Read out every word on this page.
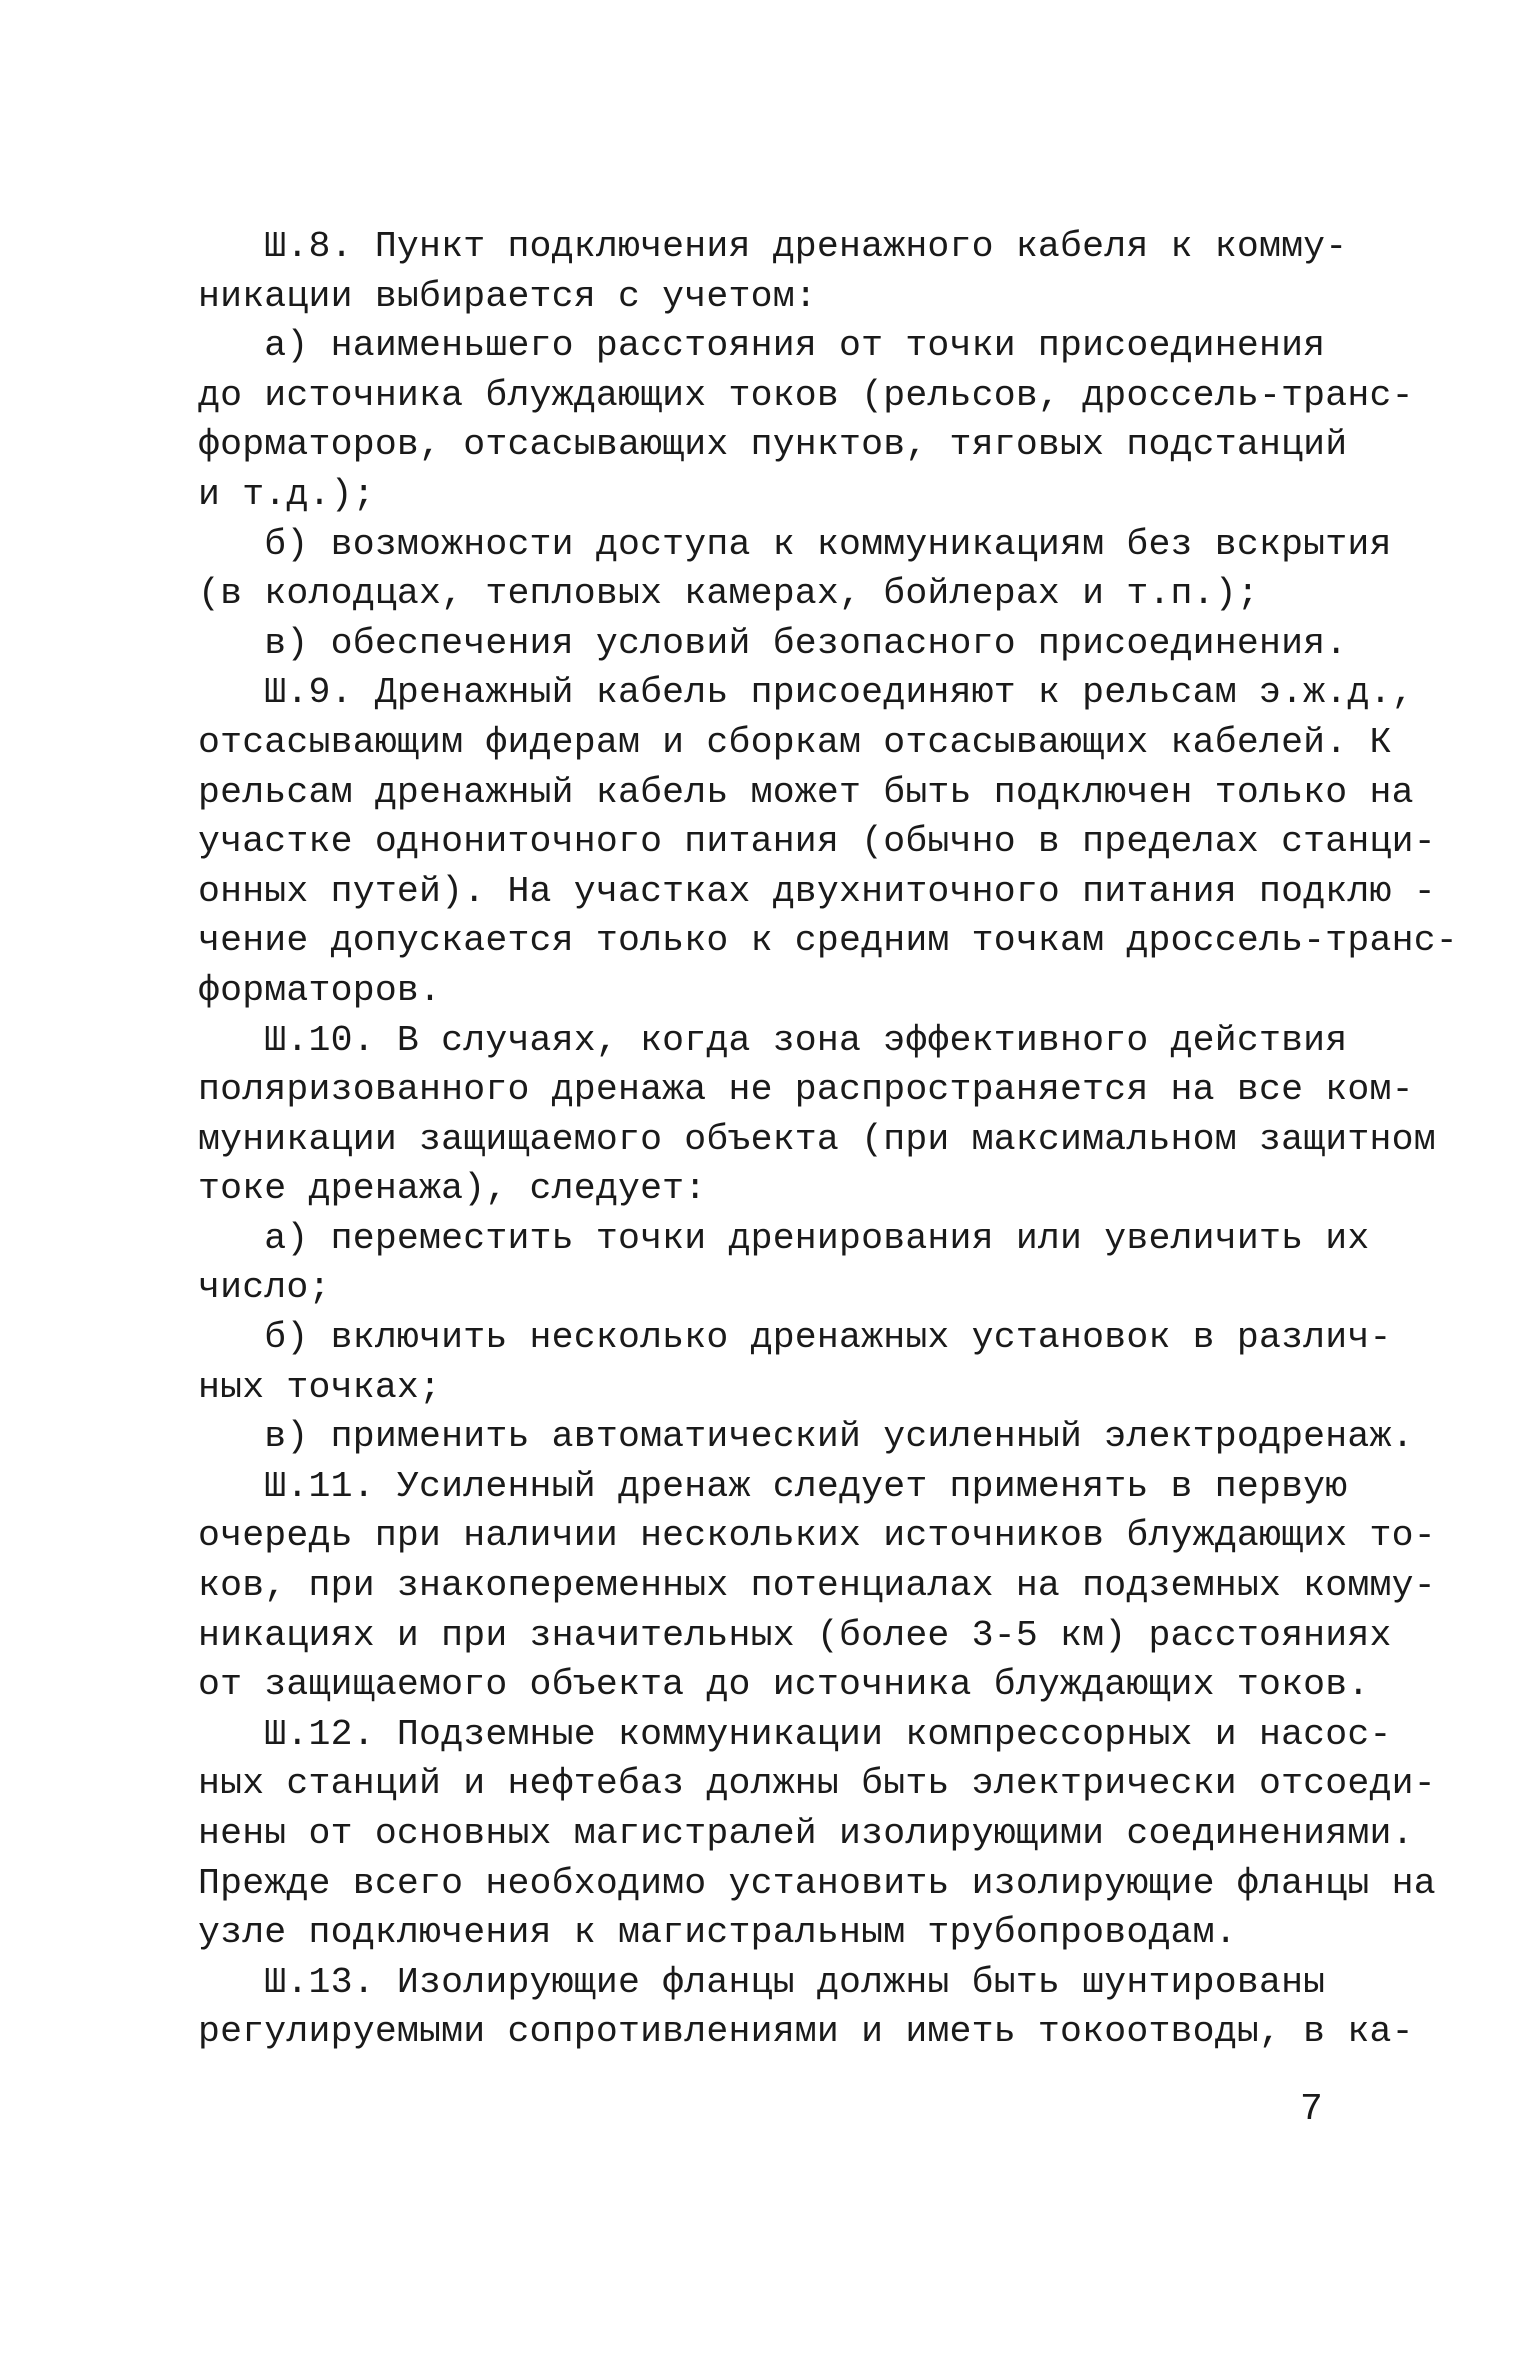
Ш.8. Пункт подключения дренажного кабеля к комму-
никации выбирается с учетом:
а) наименьшего расстояния от точки присоединения
до источника блуждающих токов (рельсов, дроссель-транс-
форматоров, отсасывающих пунктов, тяговых подстанций
и т.д.);
б) возможности доступа к коммуникациям без вскрытия
(в колодцах, тепловых камерах, бойлерах и т.п.);
в) обеспечения условий безопасного присоединения.
Ш.9. Дренажный кабель присоединяют к рельсам э.ж.д.,
отсасывающим фидерам и сборкам отсасывающих кабелей. К
рельсам дренажный кабель может быть подключен только на
участке однониточного питания (обычно в пределах станци-
онных путей). На участках двухниточного питания подклю -
чение допускается только к средним точкам дроссель-транс-
форматоров.
Ш.10. В случаях, когда зона эффективного действия
поляризованного дренажа не распространяется на все ком-
муникации защищаемого объекта (при максимальном защитном
токе дренажа), следует:
а) переместить точки дренирования или увеличить их
число;
б) включить несколько дренажных установок в различ-
ных точках;
в) применить автоматический усиленный электродренаж.
Ш.11. Усиленный дренаж следует применять в первую
очередь при наличии нескольких источников блуждающих то-
ков, при знакопеременных потенциалах на подземных комму-
никациях и при значительных (более 3-5 км) расстояниях
от защищаемого объекта до источника блуждающих токов.
Ш.12. Подземные коммуникации компрессорных и насос-
ных станций и нефтебаз должны быть электрически отсоеди-
нены от основных магистралей изолирующими соединениями.
Прежде всего необходимо установить изолирующие фланцы на
узле подключения к магистральным трубопроводам.
Ш.13. Изолирующие фланцы должны быть шунтированы
регулируемыми сопротивлениями и иметь токоотводы, в ка-
7
